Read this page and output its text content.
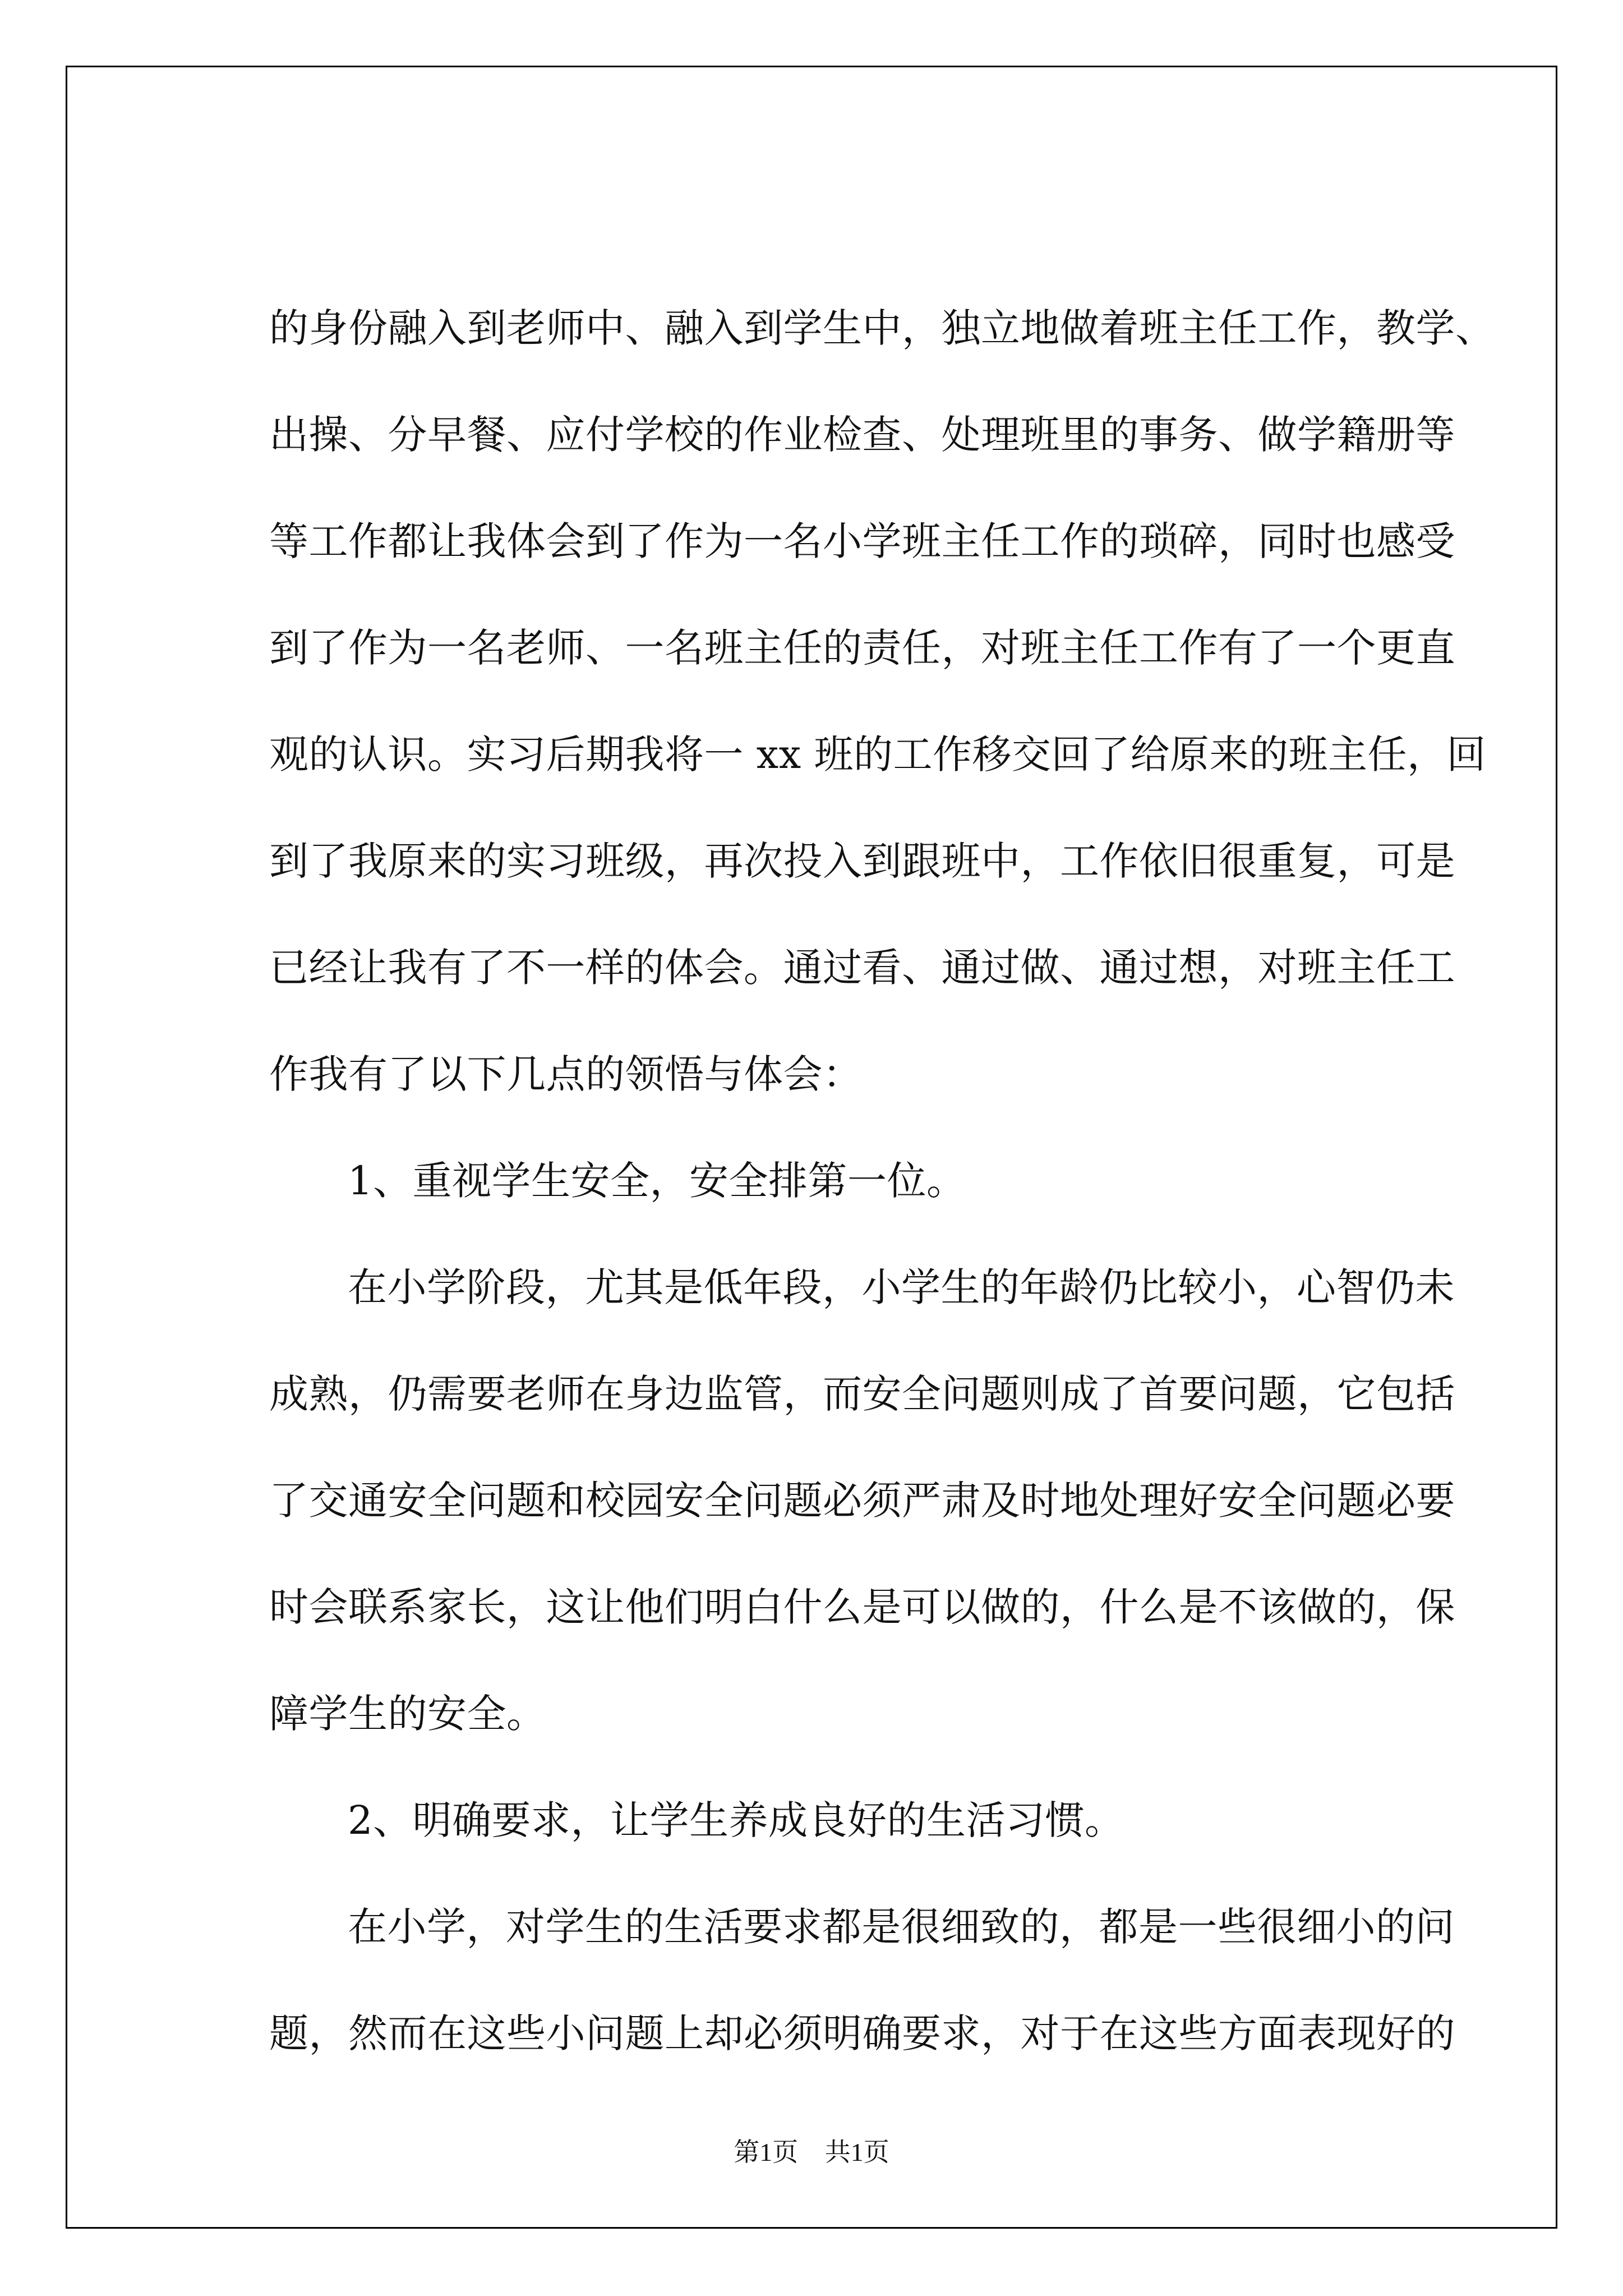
的身份融入到老师中、融入到学生中，独立地做着班主任工作，教学、
出操、分早餐、应付学校的作业检查、处理班里的事务、做学籍册等
等工作都让我体会到了作为一名小学班主任工作的琐碎，同时也感受
到了作为一名老师、一名班主任的责任，对班主任工作有了一个更直
观的认识。实习后期我将一 xx 班的工作移交回了给原来的班主任，回
到了我原来的实习班级，再次投入到跟班中，工作依旧很重复，可是
已经让我有了不一样的体会。通过看、通过做、通过想，对班主任工
作我有了以下几点的领悟与体会：
1、重视学生安全，安全排第一位。
在小学阶段，尤其是低年段，小学生的年龄仍比较小，心智仍未
成熟，仍需要老师在身边监管，而安全问题则成了首要问题，它包括
了交通安全问题和校园安全问题必须严肃及时地处理好安全问题必要
时会联系家长，这让他们明白什么是可以做的，什么是不该做的，保
障学生的安全。
2、明确要求，让学生养成良好的生活习惯。
在小学，对学生的生活要求都是很细致的，都是一些很细小的问
题，然而在这些小问题上却必须明确要求，对于在这些方面表现好的
第1页 共1页
